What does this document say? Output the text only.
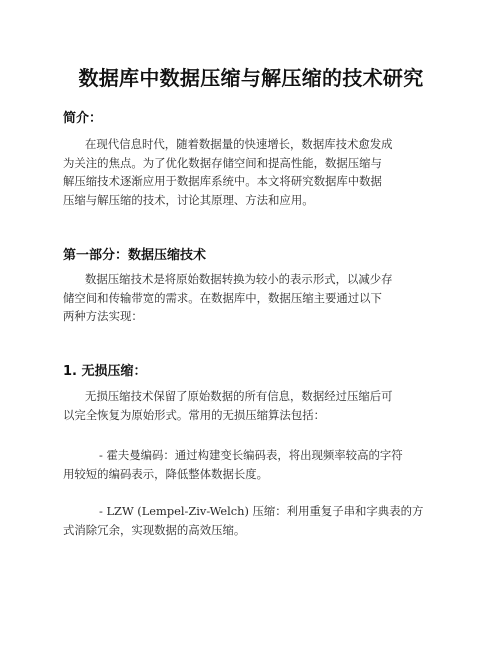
数据库中数据压缩与解压缩的技术研究
简介：
在现代信息时代，随着数据量的快速增长，数据库技术愈发成
为关注的焦点。为了优化数据存储空间和提高性能，数据压缩与
解压缩技术逐渐应用于数据库系统中。本文将研究数据库中数据
压缩与解压缩的技术，讨论其原理、方法和应用。
第一部分：数据压缩技术
数据压缩技术是将原始数据转换为较小的表示形式，以减少存
储空间和传输带宽的需求。在数据库中，数据压缩主要通过以下
两种方法实现：
1. 无损压缩：
无损压缩技术保留了原始数据的所有信息，数据经过压缩后可
以完全恢复为原始形式。常用的无损压缩算法包括：
- 霍夫曼编码：通过构建变长编码表，将出现频率较高的字符
用较短的编码表示，降低整体数据长度。
- LZW (Lempel-Ziv-Welch) 压缩：利用重复子串和字典表的方
式消除冗余，实现数据的高效压缩。
